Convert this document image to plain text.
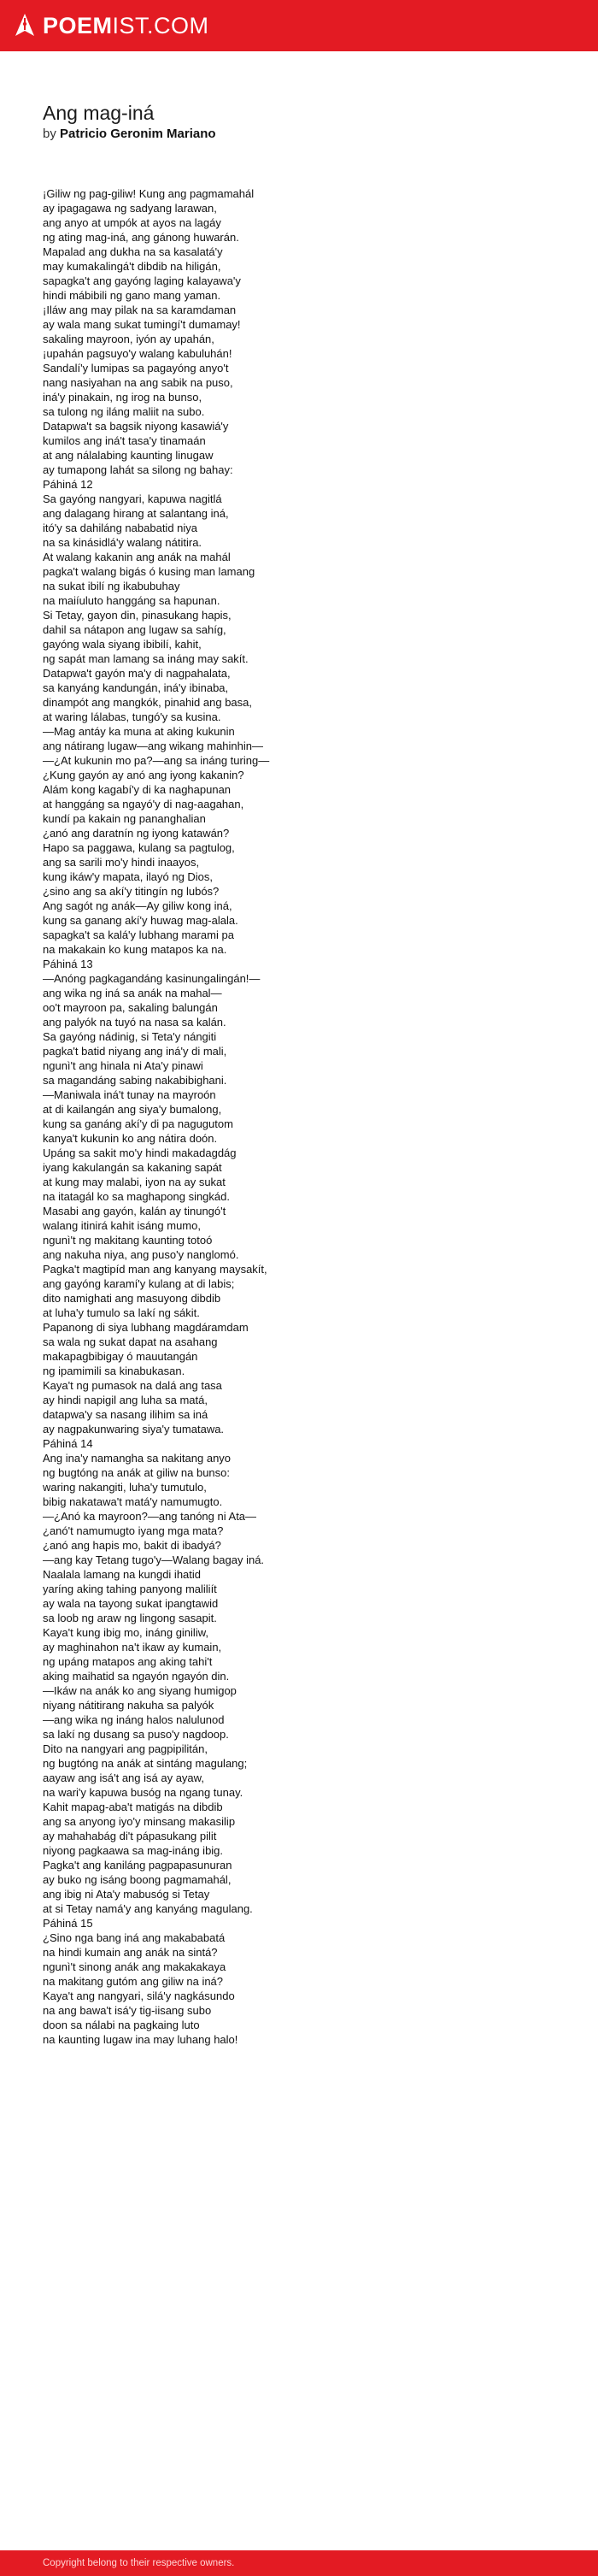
POEMIST.COM
Ang mag-iná
by Patricio Geronim Mariano
¡Giliw ng pag-giliw! Kung ang pagmamahál
ay ipagagawa ng sadyang larawan,
ang anyo at umpók at ayos na lagáy
ng ating mag-iná, ang gánong huwarán.
Mapalad ang dukha na sa kasalatá'y
may kumakalingá't dibdib na hiligán,
sapagka't ang gayóng laging kalayawa'y
hindi mábibili ng gano mang yaman.
¡Iláw ang may pilak na sa karamdaman
ay wala mang sukat tumingí't dumamay!
sakaling mayroon, iyón ay upahán,
¡upahán pagsuyo'y walang kabuluhán!
Sandalí'y lumipas sa pagayóng anyo't
nang nasiyahan na ang sabik na puso,
iná'y pinakain, ng irog na bunso,
sa tulong ng iláng maliit na subo.
Datapwa't sa bagsik niyong kasawiá'y
kumilos ang iná't tasa'y tinamaán
at ang nálalabing kaunting linugaw
ay tumapong lahát sa silong ng bahay:
Páhiná 12
Sa gayóng nangyari, kapuwa nagitlá
ang dalagang hirang at salantang iná,
itó'y sa dahiláng nababatid niya
na sa kinásidlá'y walang nátitira.
At walang kakanin ang anák na mahál
pagka't walang bigás ó kusing man lamang
na sukat ibilí ng ikabubuhay
na maiíuluto hanggáng sa hapunan.
Si Tetay, gayon din, pinasukang hapis,
dahil sa nátapon ang lugaw sa sahíg,
gayóng wala siyang ibibilí, kahit,
ng sapát man lamang sa ináng may sakít.
Datapwa't gayón ma'y di nagpahalata,
sa kanyáng kandungán, iná'y ibinaba,
dinampót ang mangkók, pinahid ang basa,
at waring lálabas, tungó'y sa kusina.
—Mag antáy ka muna at aking kukunin
ang nátirang lugaw—ang wikang mahinhin—
—¿At kukunin mo pa?—ang sa ináng turing—
¿Kung gayón ay anó ang iyong kakanin?
Alám kong kagabí'y di ka naghapunan
at hanggáng sa ngayó'y di nag-aagahan,
kundí pa kakain ng pananghalian
¿anó ang daratnín ng iyong katawán?
Hapo sa paggawa, kulang sa pagtulog,
ang sa sarili mo'y hindi inaayos,
kung ikáw'y mapata, ilayó ng Dios,
¿sino ang sa akí'y titingín ng lubós?
Ang sagót ng anák—Ay giliw kong iná,
kung sa ganang akí'y huwag mag-alala.
sapagka't sa kalá'y lubhang marami pa
na makakain ko kung matapos ka na.
Páhiná 13
—Anóng pagkagandáng kasinungalingán!—
ang wika ng iná sa anák na mahal—
oo't mayroon pa, sakaling balungán
ang palyók na tuyó na nasa sa kalán.
Sa gayóng nádinig, si Teta'y nángiti
pagka't batid niyang ang iná'y di mali,
ngunì't ang hinala ni Ata'y pinawi
sa magandáng sabing nakabibighani.
—Maniwala iná't tunay na mayroón
at di kailangán ang siya'y bumalong,
kung sa ganáng akí'y di pa nagugutom
kanya't kukunin ko ang nátira doón.
Upáng sa sakit mo'y hindi makadagdág
iyang kakulangán sa kakaning sapát
at kung may malabi, iyon na ay sukat
na itatagál ko sa maghapong singkád.
Masabi ang gayón, kalán ay tinungó't
walang itinirá kahit isáng mumo,
ngunì't ng makitang kaunting totoó
ang nakuha niya, ang puso'y nanglomó.
Pagka't magtipíd man ang kanyang maysakít,
ang gayóng karamí'y kulang at di labis;
dito namighati ang masuyong dibdib
at luha'y tumulo sa lakí ng sákit.
Papanong di siya lubhang magdáramdam
sa wala ng sukat dapat na asahang
makapagbibigay ó mauutangán
ng ipamimili sa kinabukasan.
Kaya't ng pumasok na dalá ang tasa
ay hindi napigil ang luha sa matá,
datapwa'y sa nasang ilihim sa iná
ay nagpakunwaring siya'y tumatawa.
Páhiná 14
Ang ina'y namangha sa nakitang anyo
ng bugtóng na anák at giliw na bunso:
waring nakangiti, luha'y tumutulo,
bibig nakatawa't matá'y namumugto.
—¿Anó ka mayroon?—ang tanóng ni Ata—
¿anó't namumugto iyang mga mata?
¿anó ang hapis mo, bakit di ibadyá?
—ang kay Tetang tugo'y—Walang bagay iná.
Naalala lamang na kungdi ihatid
yaríng aking tahing panyong maliliít
ay wala na tayong sukat ipangtawid
sa loob ng araw ng lingong sasapit.
Kaya't kung ibig mo, ináng giniliw,
ay maghinahon na't ikaw ay kumain,
ng upáng matapos ang aking tahi't
aking maihatid sa ngayón ngayón din.
—Ikáw na anák ko ang siyang humigop
niyang nátitirang nakuha sa palyók
—ang wika ng ináng halos nalulunod
sa lakí ng dusang sa puso'y nagdoop.
Dito na nangyari ang pagpipilitán,
ng bugtóng na anák at sintáng magulang;
aayaw ang isá't ang isá ay ayaw,
na wari'y kapuwa busóg na ngang tunay.
Kahit mapag-aba't matigás na dibdib
ang sa anyong iyo'y minsang makasilip
ay mahahabág di't pápasukang pilit
niyong pagkaawa sa mag-ináng ibig.
Pagka't ang kaniláng pagpapasunuran
ay buko ng isáng boong pagmamahál,
ang ibig ni Ata'y mabusóg si Tetay
at si Tetay namá'y ang kanyáng magulang.
Páhiná 15
¿Sino nga bang iná ang makababatá
na hindi kumain ang anák na sintá?
ngunì't sinong anák ang makakakaya
na makitang gutóm ang giliw na iná?
Kaya't ang nangyari, silá'y nagkásundo
na ang bawa't isá'y tig-iisang subo
doon sa nálabi na pagkaing luto
na kaunting lugaw ina may luhang halo!
Copyright belong to their respective owners.
